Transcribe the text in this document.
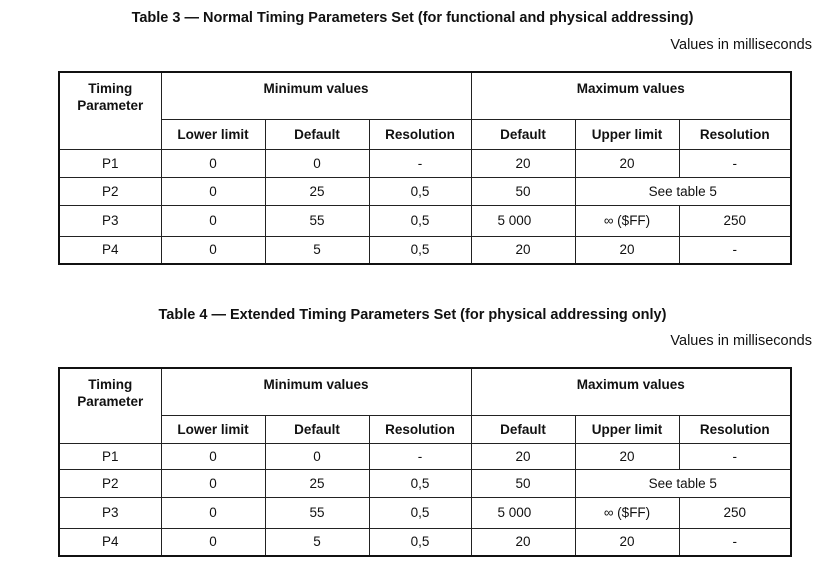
Table 3 — Normal Timing Parameters Set (for functional and physical addressing)
Values in milliseconds
Timing
Parameter	Minimum values			Maximum values		
	Lower limit	Default	Resolution	Default	Upper limit	Resolution
P1	0	0	-	20	20	-
P2	0	25	0,5	50	See table 5	
P3	0	55	0,5	5 000	∞ ($FF)	250
P4	0	5	0,5	20	20	-
Table 4 — Extended Timing Parameters Set (for physical addressing only)
Values in milliseconds
Timing
Parameter	Minimum values			Maximum values		
	Lower limit	Default	Resolution	Default	Upper limit	Resolution
P1	0	0	-	20	20	-
P2	0	25	0,5	50	See table 5	
P3	0	55	0,5	5 000	∞ ($FF)	250
P4	0	5	0,5	20	20	-
